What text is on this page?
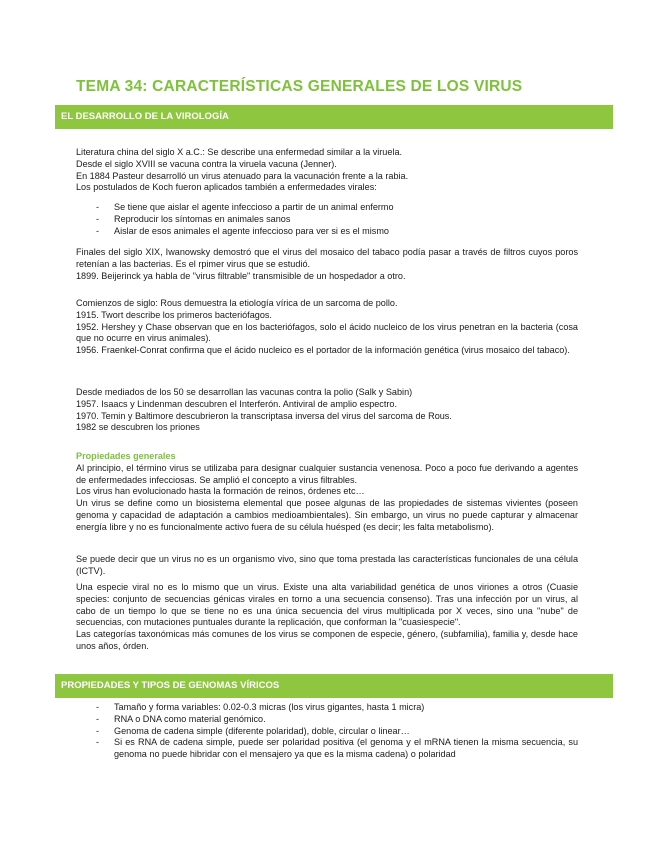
TEMA 34: CARACTERÍSTICAS GENERALES DE LOS VIRUS
EL DESARROLLO DE LA VIROLOGÍA

Literatura china del siglo X a.C.: Se describe una enfermedad similar a la viruela.

Desde el siglo XVIII se vacuna contra la viruela vacuna (Jenner).

En 1884 Pasteur desarrolló un virus atenuado para la vacunación frente a la rabia.

Los postulados de Koch fueron aplicados también a enfermedades virales:

- Se tiene que aislar el agente infeccioso a partir de un animal enfermo
- Reproducir los síntomas en animales sanos
- Aislar de esos animales el agente infeccioso para ver si es el mismo

Finales del siglo XIX, Iwanowsky demostró que el virus del mosaico del tabaco podía pasar a través de filtros cuyos poros retenían a las bacterias. Es el rpimer virus que se estudió.

1899. Beijerinck ya habla de "virus filtrable" transmisible de un hospedador a otro.

Comienzos de siglo: Rous demuestra la etiología vírica de un sarcoma de pollo.

1915. Twort describe los primeros bacteriófagos.

1952. Hershey y Chase observan que en los bacteriófagos, solo el ácido nucleico de los virus penetran en la bacteria (cosa que no ocurre en virus animales).

1956. Fraenkel-Conrat confirma que el ácido nucleico es el portador de la información genética (virus mosaico del tabaco).

Desde mediados de los 50 se desarrollan las vacunas contra la polio (Salk y Sabin)

1957. Isaacs y Lindenman descubren el Interferón. Antiviral de amplio espectro.

1970. Temin y Baltimore descubrieron la transcriptasa inversa del virus del sarcoma de Rous.

1982 se descubren los priones

Propiedades generales

Al principio, el término virus se utilizaba para designar cualquier sustancia venenosa. Poco a poco fue derivando a agentes de enfermedades infecciosas. Se amplió el concepto a virus filtrables.

Los virus han evolucionado hasta la formación de reinos, órdenes etc…

Un virus se define como un biosistema elemental que posee algunas de las propiedades de sistemas vivientes (poseen genoma y capacidad de adaptación a cambios medioambientales). Sin embargo, un virus no puede capturar y almacenar energía libre y no es funcionalmente activo fuera de su célula huésped (es decir; les falta metabolismo).

Se puede decir que un virus no es un organismo vivo, sino que toma prestada las características funcionales de una célula (ICTV).

Una especie viral no es lo mismo que un virus. Existe una alta variabilidad genética de unos viriones a otros (Cuasie species: conjunto de secuencias génicas virales en torno a una secuencia consenso). Tras una infección por un virus, al cabo de un tiempo lo que se tiene no es una única secuencia del virus multiplicada por X veces, sino una "nube" de secuencias, con mutaciones puntuales durante la replicación, que conforman la "cuasiespecie".

Las categorías taxonómicas más comunes de los virus se componen de especie, género, (subfamilia), familia y, desde hace unos años, órden.

PROPIEDADES Y TIPOS DE GENOMAS VÍRICOS
- Tamaño y forma variables: 0.02-0.3 micras (los virus gigantes, hasta 1 micra)
- RNA o DNA como material genómico.
- Genoma de cadena simple (diferente polaridad), doble, circular o linear…
- Si es RNA de cadena simple, puede ser polaridad positiva (el genoma y el mRNA tienen la misma secuencia, su genoma no puede hibridar con el mensajero ya que es la misma cadena) o polaridad
